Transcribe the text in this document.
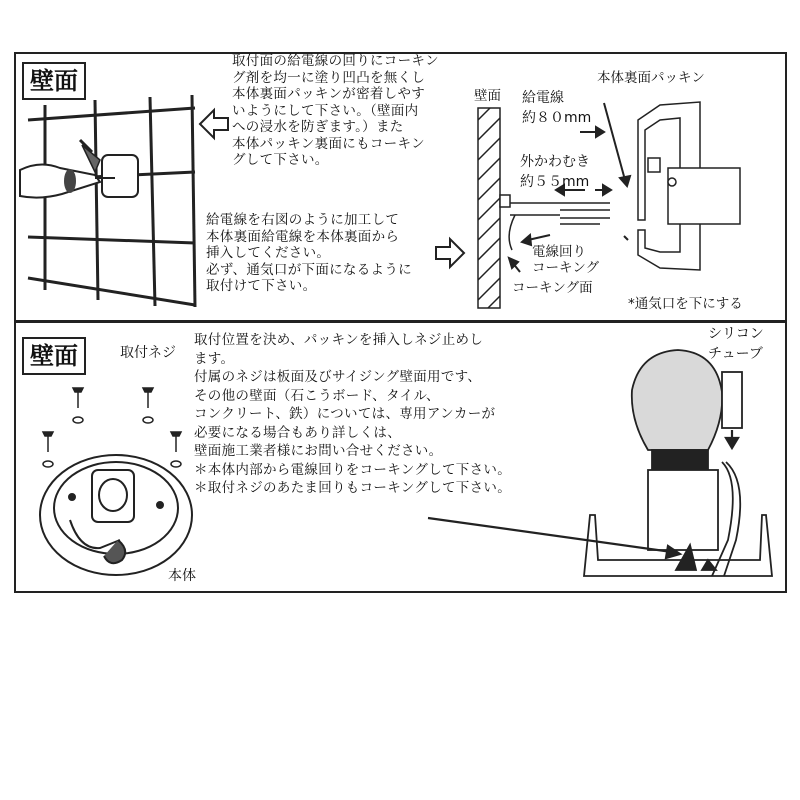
壁面
取付面の給電線の回りにコーキン
グ剤を均一に塗り凹凸を無くし
本体裏面パッキンが密着しやす
いようにして下さい。（壁面内
への浸水を防ぎます。）また
本体パッキン裏面にもコーキン
グして下さい。
給電線を右図のように加工して
本体裏面給電線を本体裏面から
挿入してください。
必ず、通気口が下面になるように
取付けて下さい。
壁面 給電線
約８０mm
外かわむき
約５５mm
電線回り
コーキング
コーキング面
本体裏面パッキン
*通気口を下にする
壁面	取付ネジ
本体
シリコン
チューブ
取付位置を決め、パッキンを挿入しネジ止めし
ます。
付属のネジは板面及びサイジング壁面用です、
その他の壁面（石こうボード、タイル、
コンクリート、鉄）については、専用アンカーが
必要になる場合もあり詳しくは、
壁面施工業者様にお問い合せください。
＊本体内部から電線回りをコーキングして下さい。
＊取付ネジのあたま回りもコーキングして下さい。
